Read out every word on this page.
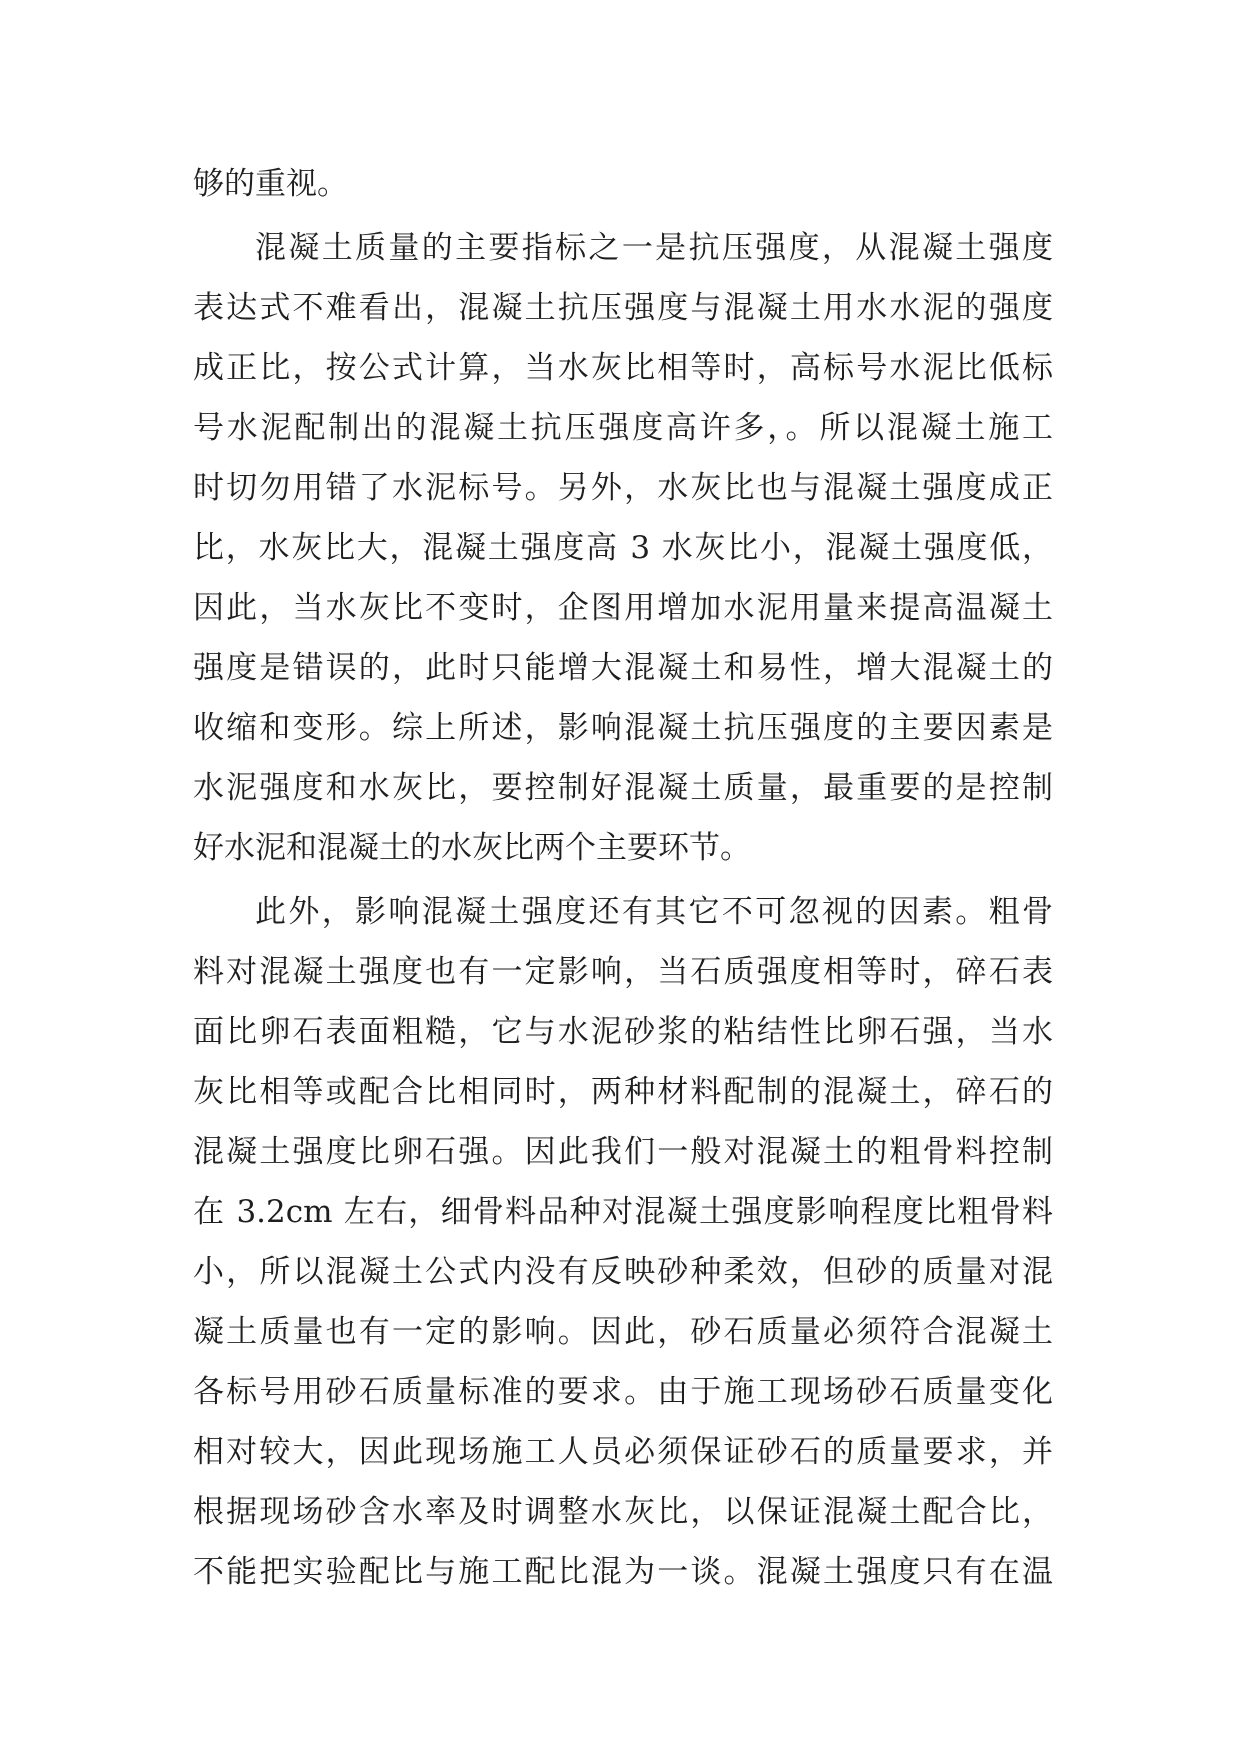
够的重视。
混凝土质量的主要指标之一是抗压强度，从混凝土强度
表达式不难看出，混凝土抗压强度与混凝土用水水泥的强度
成正比，按公式计算，当水灰比相等时，高标号水泥比低标
号水泥配制出的混凝土抗压强度高许多，。所以混凝土施工
时切勿用错了水泥标号。另外，水灰比也与混凝土强度成正
比，水灰比大，混凝土强度高 3 水灰比小，混凝土强度低，
因此，当水灰比不变时，企图用增加水泥用量来提高温凝土
强度是错误的，此时只能增大混凝土和易性，增大混凝土的
收缩和变形。综上所述，影响混凝土抗压强度的主要因素是
水泥强度和水灰比，要控制好混凝土质量，最重要的是控制
好水泥和混凝土的水灰比两个主要环节。
此外，影响混凝土强度还有其它不可忽视的因素。粗骨
料对混凝土强度也有一定影响，当石质强度相等时，碎石表
面比卵石表面粗糙，它与水泥砂浆的粘结性比卵石强，当水
灰比相等或配合比相同时，两种材料配制的混凝土，碎石的
混凝土强度比卵石强。因此我们一般对混凝土的粗骨料控制
在 3.2cm 左右，细骨料品种对混凝土强度影响程度比粗骨料
小，所以混凝土公式内没有反映砂种柔效，但砂的质量对混
凝土质量也有一定的影响。因此，砂石质量必须符合混凝土
各标号用砂石质量标准的要求。由于施工现场砂石质量变化
相对较大，因此现场施工人员必须保证砂石的质量要求，并
根据现场砂含水率及时调整水灰比，以保证混凝土配合比，
不能把实验配比与施工配比混为一谈。混凝土强度只有在温
